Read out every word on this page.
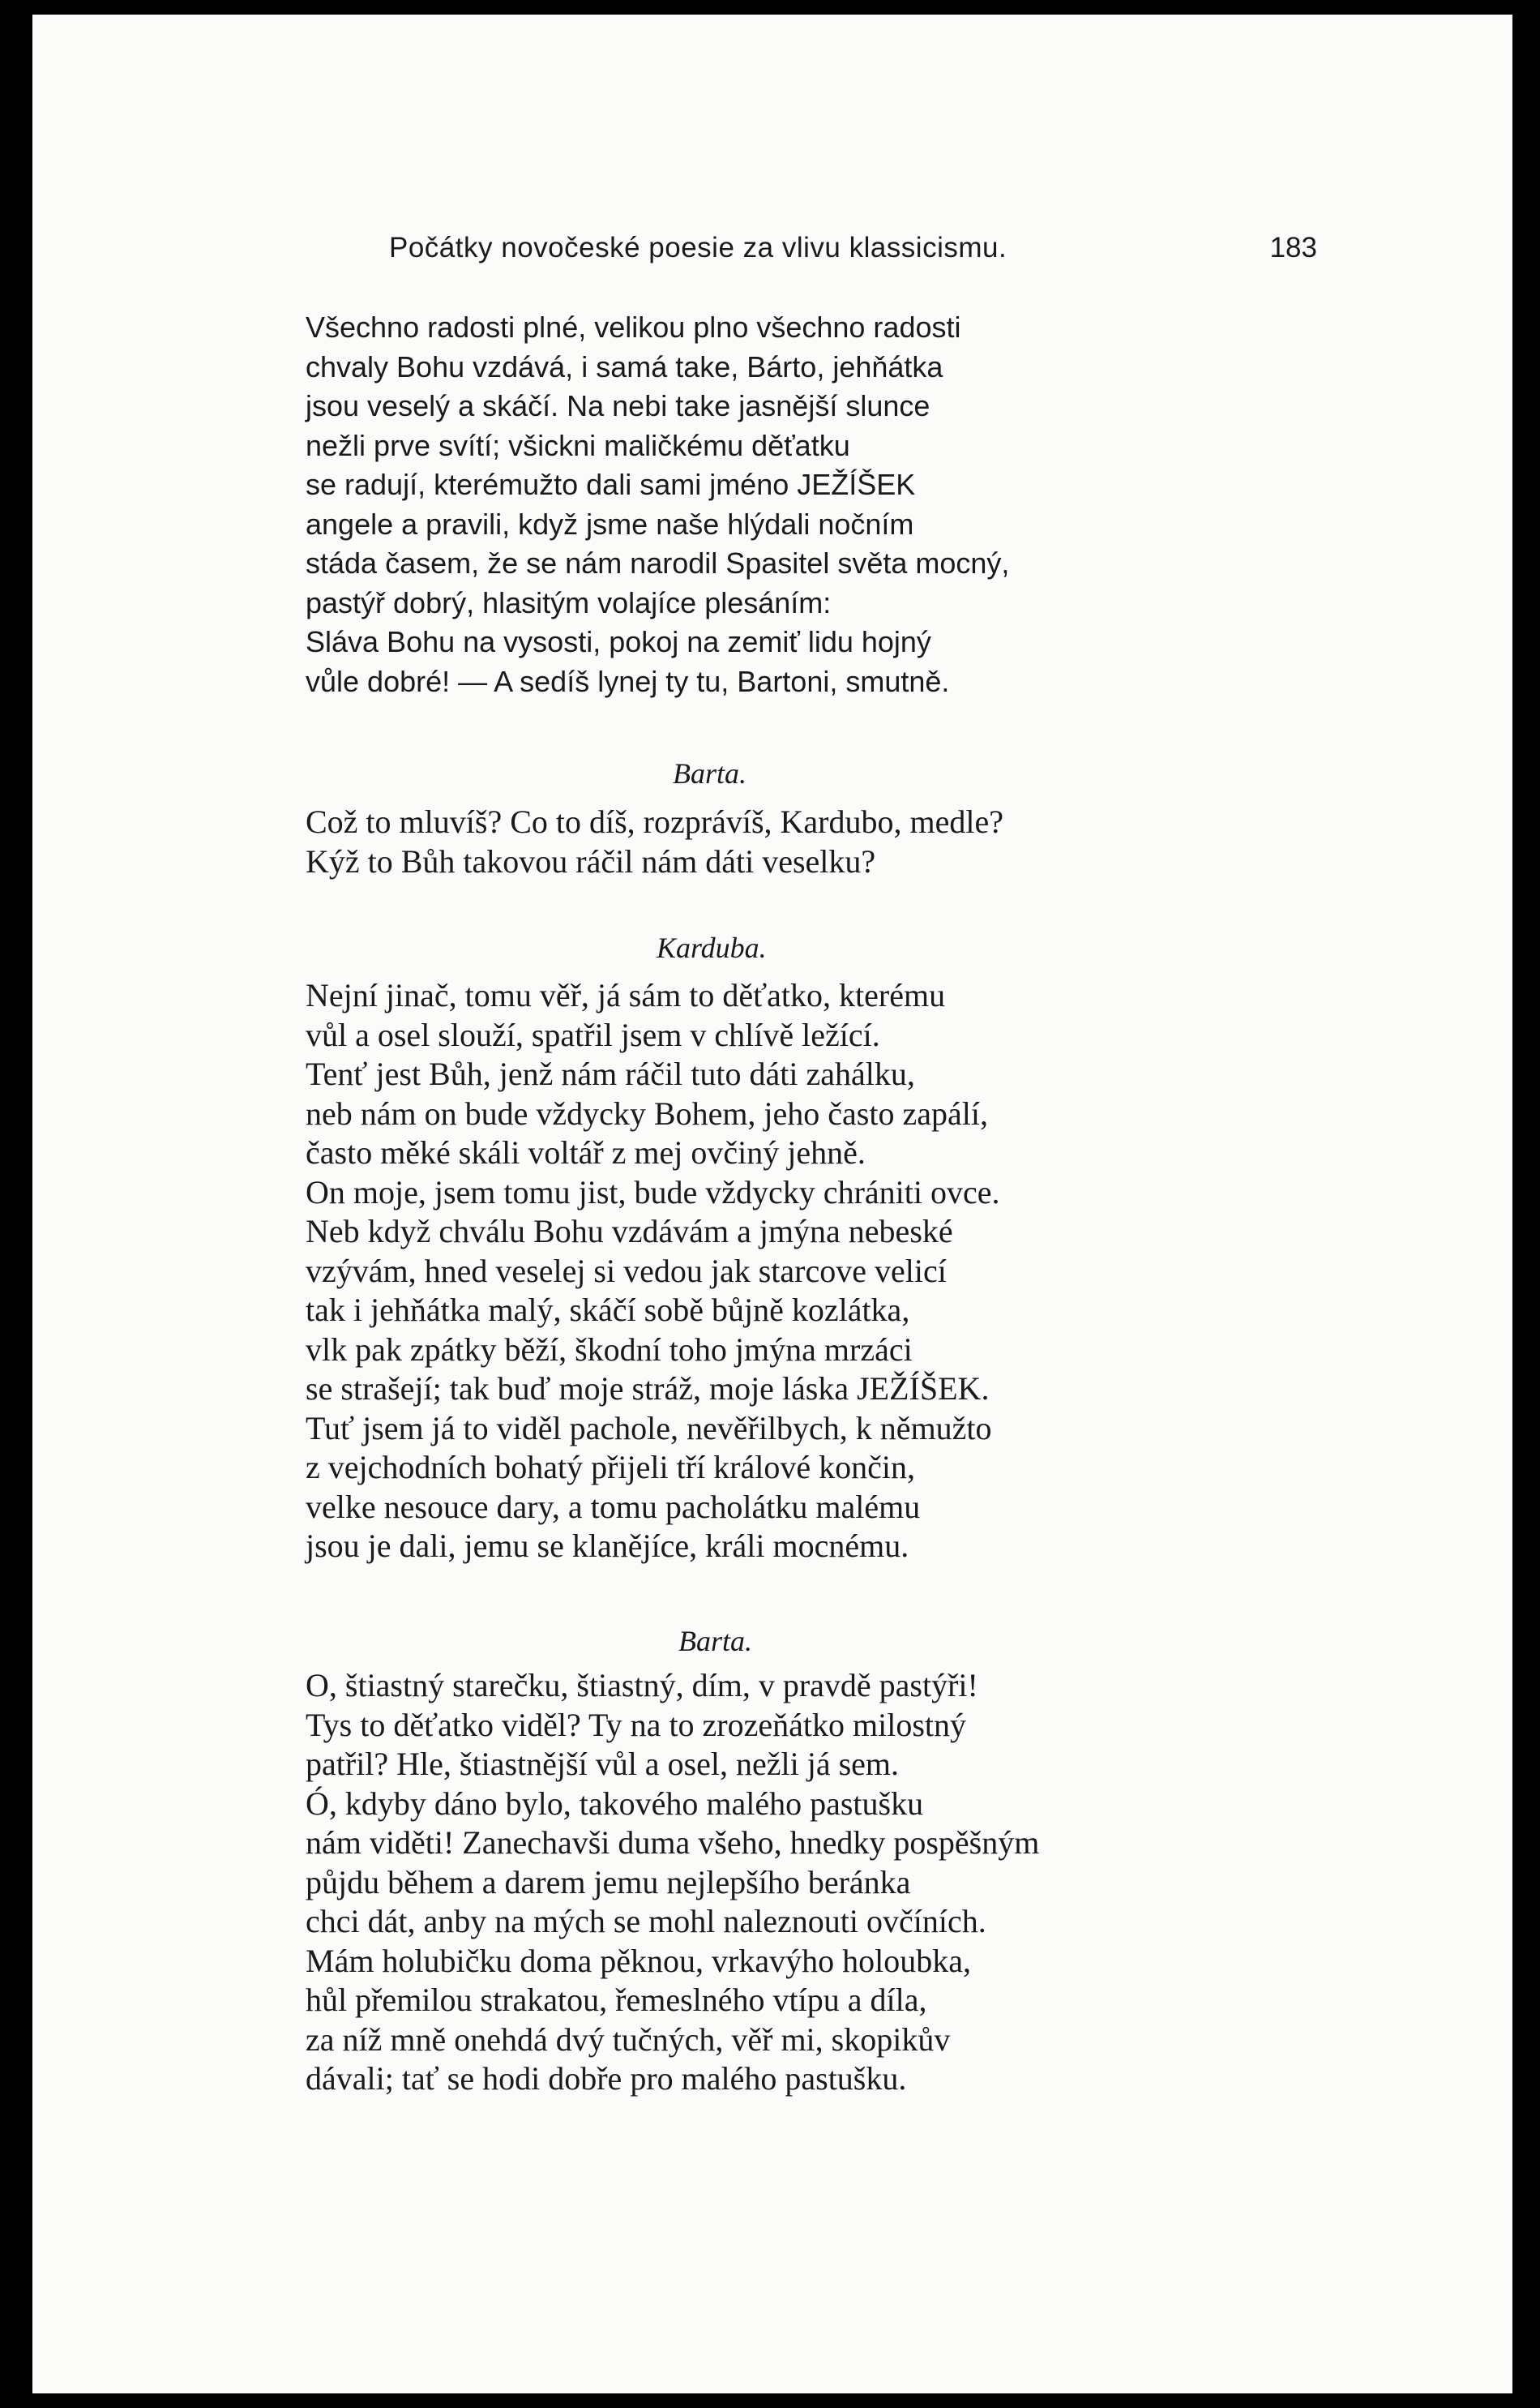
Počátky novočeské poesie za vlivu klassicismu.	183
Všechno radosti plné, velikou plno všechno radosti
chvaly Bohu vzdává, i samá take, Bárto, jehňátka
jsou veselý a skáčí. Na nebi take jasnější slunce
nežli prve svítí; všickni maličkému děťatku
se radují, kterémužto dali sami jméno JEŽÍŠEK
angele a pravili, když jsme naše hlýdali nočním
stáda časem, že se nám narodil Spasitel světa mocný,
pastýř dobrý, hlasitým volajíce plesáním:
Sláva Bohu na vysosti, pokoj na zemiť lidu hojný
vůle dobré! — A sedíš lynej ty tu, Bartoni, smutně.
Barta.
Což to mluvíš? Co to díš, rozprávíš, Kardubo, medle?
Kýž to Bůh takovou ráčil nám dáti veselku?
Karduba.
Nejní jinač, tomu věř, já sám to děťatko, kterému
vůl a osel slouží, spatřil jsem v chlívě ležící.
Tenť jest Bůh, jenž nám ráčil tuto dáti zahálku,
neb nám on bude vždycky Bohem, jeho často zapálí,
často měké skáli voltář z mej ovčiný jehně.
On moje, jsem tomu jist, bude vždycky chrániti ovce.
Neb když chválu Bohu vzdávám a jmýna nebeské
vzývám, hned veselej si vedou jak starcove velicí
tak i jehňátka malý, skáčí sobě bůjně kozlátka,
vlk pak zpátky běží, škodní toho jmýna mrzáci
se strašejí; tak buď moje stráž, moje láska JEŽÍŠEK.
Tuť jsem já to viděl pachole, nevěřilbych, k němužto
z vejchodních bohatý přijeli tří králové končin,
velke nesouce dary, a tomu pacholátku malému
jsou je dali, jemu se klanějíce, králi mocnému.
Barta.
O, štiastný starečku, štiastný, dím, v pravdě pastýři!
Tys to děťatko viděl? Ty na to zrozeňátko milostný
patřil? Hle, štiastnější vůl a osel, nežli já sem.
Ó, kdyby dáno bylo, takového malého pastušku
nám viděti! Zanechavši duma všeho, hnedky pospěšným
půjdu během a darem jemu nejlepšího beránka
chci dát, anby na mých se mohl naleznouti ovčíních.
Mám holubičku doma pěknou, vrkavýho holoubka,
hůl přemilou strakatou, řemeslného vtípu a díla,
za níž mně onehdá dvý tučných, věř mi, skopikův
dávali; tať se hodi dobře pro malého pastušku.
